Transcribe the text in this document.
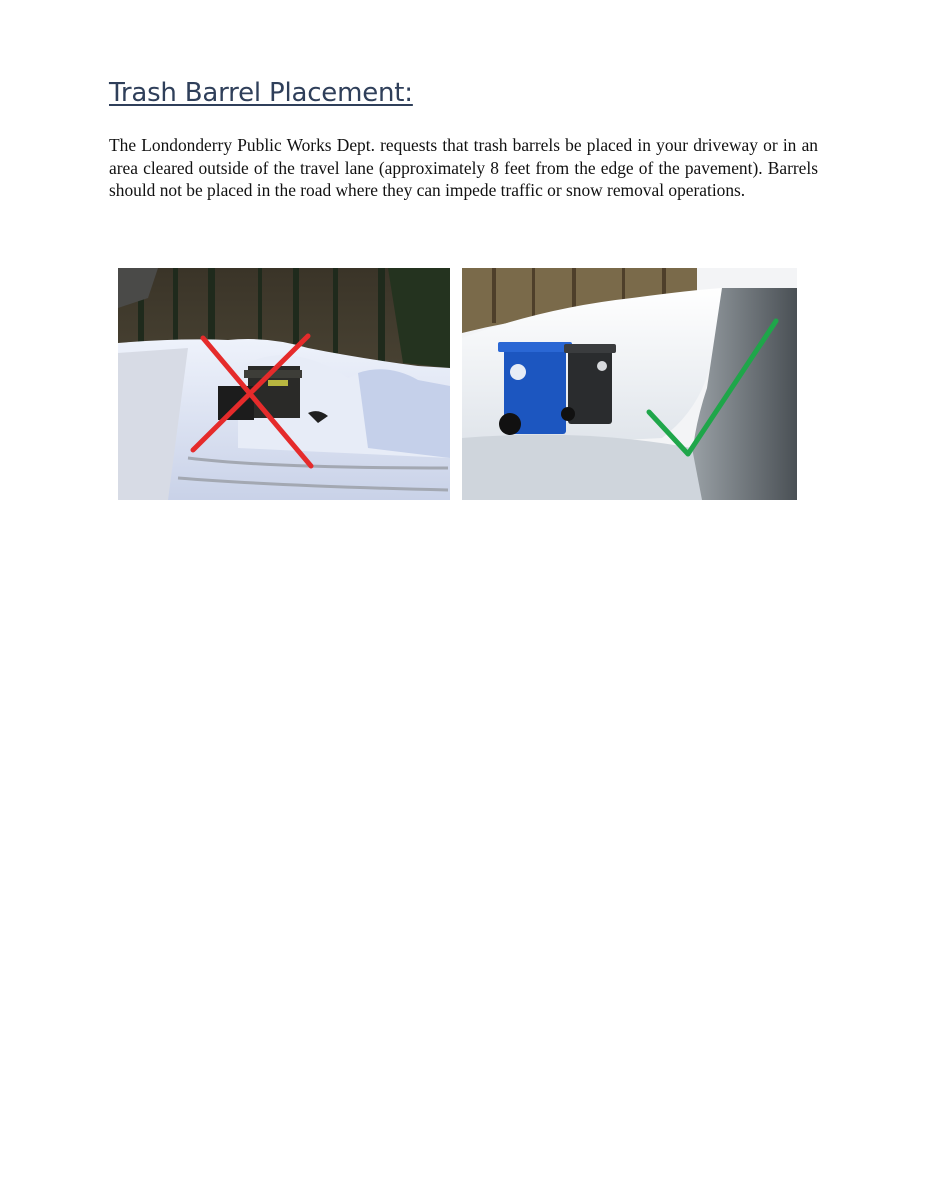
Trash Barrel Placement:

The Londonderry Public Works Dept. requests that trash barrels be placed in your driveway or in an area cleared outside of the travel lane (approximately 8 feet from the edge of the pavement). Barrels should not be placed in the road where they can impede traffic or snow removal operations.
